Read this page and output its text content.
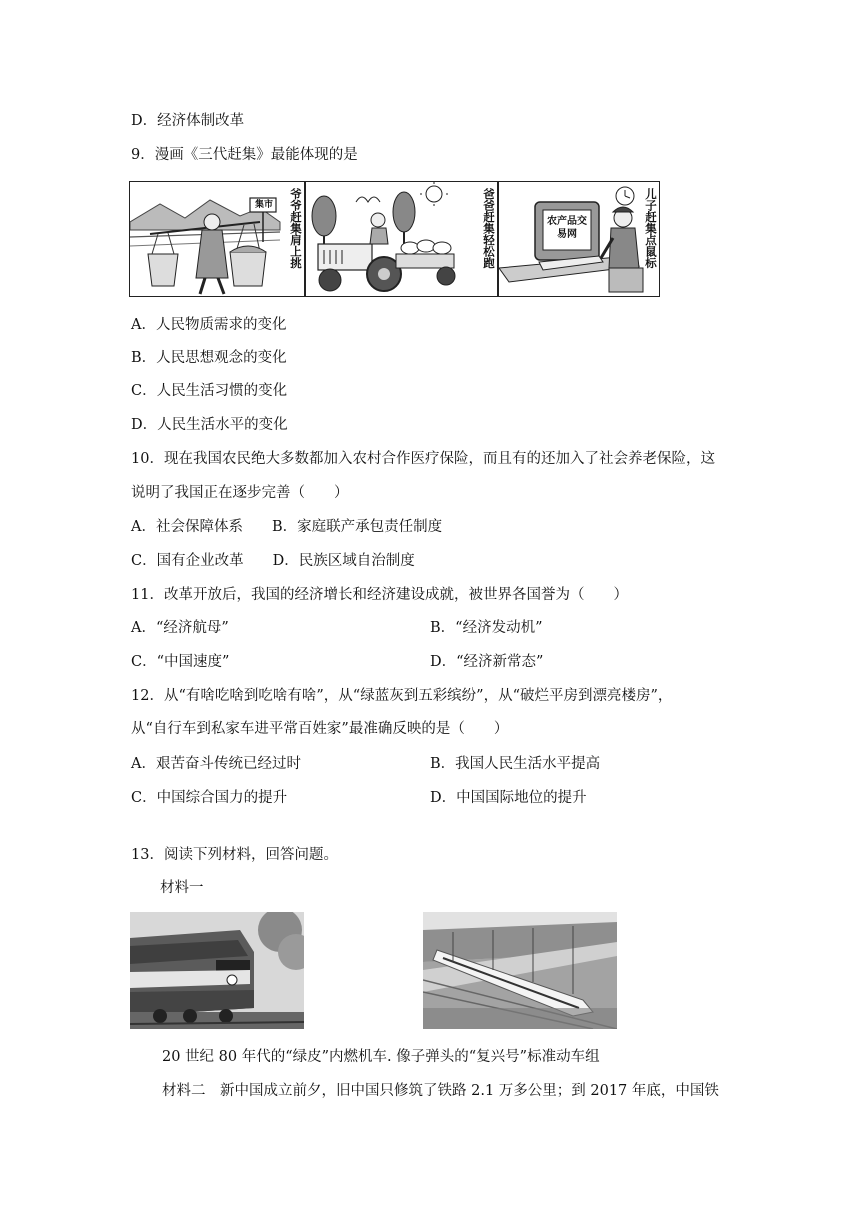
D．经济体制改革
9．漫画《三代赶集》最能体现的是
集市	爷爷赶集肩上挑	爸爸赶集轻松跑	农产品交易网	儿子赶集点鼠标
A．人民物质需求的变化
B．人民思想观念的变化
C．人民生活习惯的变化
D．人民生活水平的变化
10．现在我国农民绝大多数都加入农村合作医疗保险，而且有的还加入了社会养老保险，这
说明了我国正在逐步完善（　　）
A．社会保障体系　　B．家庭联产承包责任制度
C．国有企业改革　　D．民族区域自治制度
11．改革开放后，我国的经济增长和经济建设成就，被世界各国誉为（　　）
A．“经济航母”	B．“经济发动机”
C．“中国速度”	D．“经济新常态”
12．从“有啥吃啥到吃啥有啥”，从“绿蓝灰到五彩缤纷”，从“破烂平房到漂亮楼房”，
从“自行车到私家车进平常百姓家”最准确反映的是（　　）
A．艰苦奋斗传统已经过时	B．我国人民生活水平提高
C．中国综合国力的提升	D．中国国际地位的提升
13．阅读下列材料，回答问题。
材料一
20 世纪 80 年代的“绿皮”内燃机车. 像子弹头的“复兴号”标准动车组
材料二　新中国成立前夕，旧中国只修筑了铁路 2.1 万多公里；到 2017 年底，中国铁
